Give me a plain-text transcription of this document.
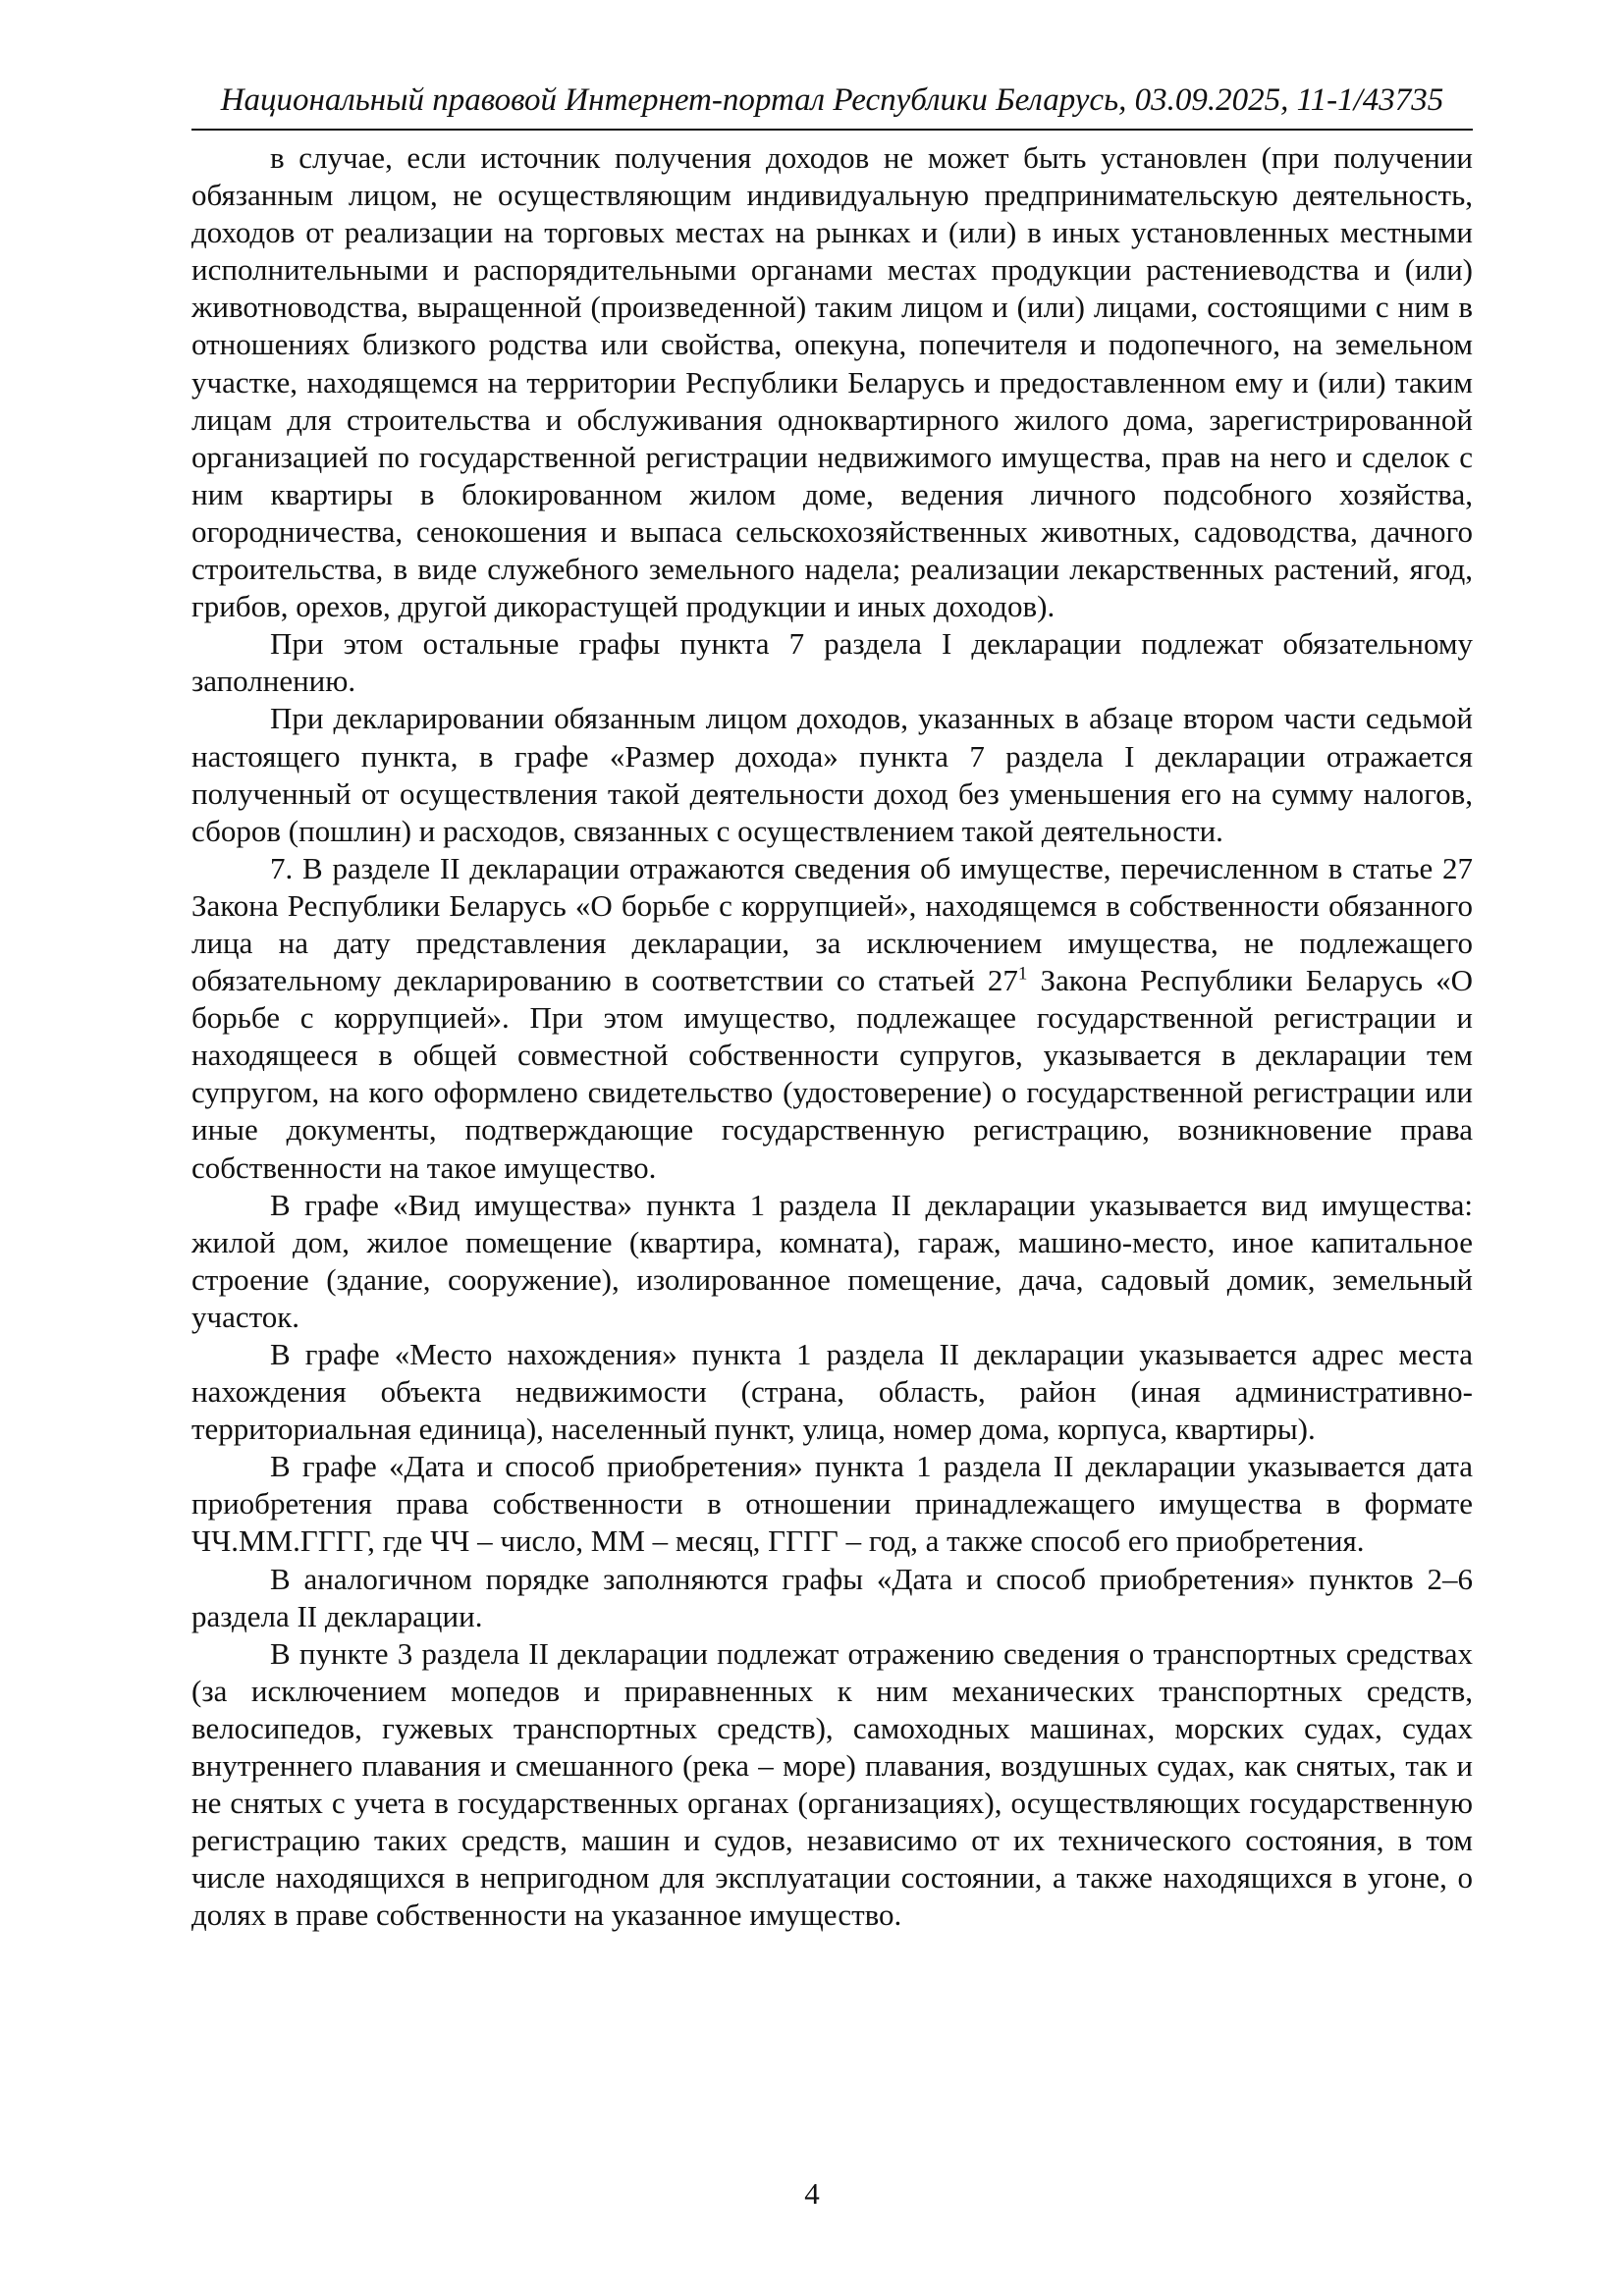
Национальный правовой Интернет-портал Республики Беларусь, 03.09.2025, 11-1/43735

в случае, если источник получения доходов не может быть установлен (при получении обязанным лицом, не осуществляющим индивидуальную предпринимательскую деятельность, доходов от реализации на торговых местах на рынках и (или) в иных установленных местными исполнительными и распорядительными органами местах продукции растениеводства и (или) животноводства, выращенной (произведенной) таким лицом и (или) лицами, состоящими с ним в отношениях близкого родства или свойства, опекуна, попечителя и подопечного, на земельном участке, находящемся на территории Республики Беларусь и предоставленном ему и (или) таким лицам для строительства и обслуживания одноквартирного жилого дома, зарегистрированной организацией по государственной регистрации недвижимого имущества, прав на него и сделок с ним квартиры в блокированном жилом доме, ведения личного подсобного хозяйства, огородничества, сенокошения и выпаса сельскохозяйственных животных, садоводства, дачного строительства, в виде служебного земельного надела; реализации лекарственных растений, ягод, грибов, орехов, другой дикорастущей продукции и иных доходов).

При этом остальные графы пункта 7 раздела I декларации подлежат обязательному заполнению.

При декларировании обязанным лицом доходов, указанных в абзаце втором части седьмой настоящего пункта, в графе «Размер дохода» пункта 7 раздела I декларации отражается полученный от осуществления такой деятельности доход без уменьшения его на сумму налогов, сборов (пошлин) и расходов, связанных с осуществлением такой деятельности.

7. В разделе II декларации отражаются сведения об имуществе, перечисленном в статье 27 Закона Республики Беларусь «О борьбе с коррупцией», находящемся в собственности обязанного лица на дату представления декларации, за исключением имущества, не подлежащего обязательному декларированию в соответствии со статьей $27^1$ Закона Республики Беларусь «О борьбе с коррупцией». При этом имущество, подлежащее государственной регистрации и находящееся в общей совместной собственности супругов, указывается в декларации тем супругом, на кого оформлено свидетельство (удостоверение) о государственной регистрации или иные документы, подтверждающие государственную регистрацию, возникновение права собственности на такое имущество.

В графе «Вид имущества» пункта 1 раздела II декларации указывается вид имущества: жилой дом, жилое помещение (квартира, комната), гараж, машино-место, иное капитальное строение (здание, сооружение), изолированное помещение, дача, садовый домик, земельный участок.

В графе «Место нахождения» пункта 1 раздела II декларации указывается адрес места нахождения объекта недвижимости (страна, область, район (иная административно-территориальная единица), населенный пункт, улица, номер дома, корпуса, квартиры).

В графе «Дата и способ приобретения» пункта 1 раздела II декларации указывается дата приобретения права собственности в отношении принадлежащего имущества в формате ЧЧ.ММ.ГГГГ, где ЧЧ – число, ММ – месяц, ГГГГ – год, а также способ его приобретения.

В аналогичном порядке заполняются графы «Дата и способ приобретения» пунктов 2–6 раздела II декларации.

В пункте 3 раздела II декларации подлежат отражению сведения о транспортных средствах (за исключением мопедов и приравненных к ним механических транспортных средств, велосипедов, гужевых транспортных средств), самоходных машинах, морских судах, судах внутреннего плавания и смешанного (река – море) плавания, воздушных судах, как снятых, так и не снятых с учета в государственных органах (организациях), осуществляющих государственную регистрацию таких средств, машин и судов, независимо от их технического состояния, в том числе находящихся в непригодном для эксплуатации состоянии, а также находящихся в угоне, о долях в праве собственности на указанное имущество.

4
